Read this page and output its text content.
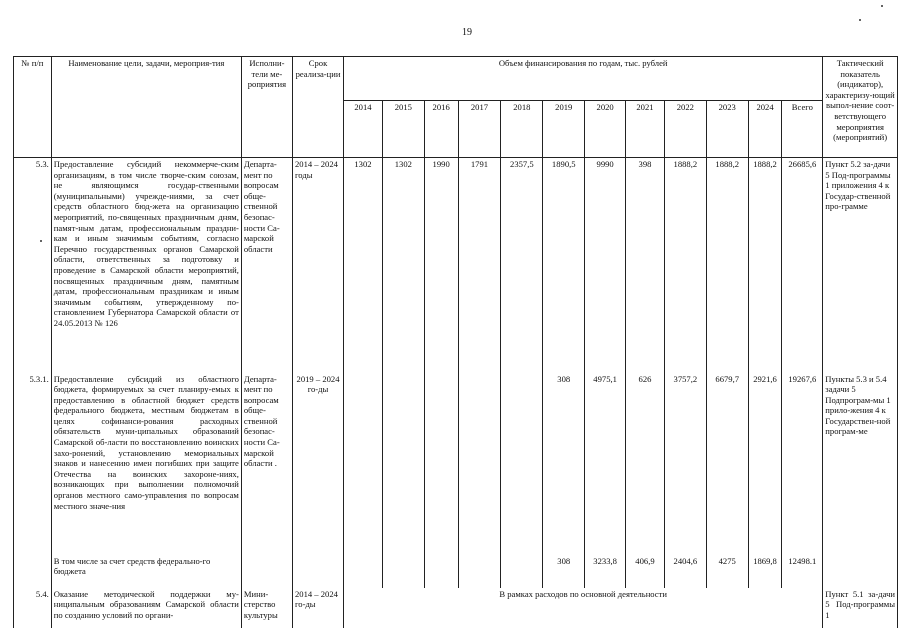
19
№ п/п	Наименование цели, задачи, мероприя-тия	Исполни-тели ме-роприятия	Срок реализа-ции	Объем финансирования по годам, тыс. рублей												Тактический показатель (индикатор), характеризу-ющий выпол-нение соот-ветствующего мероприятия (мероприятий)
				2014	2015	2016	2017	2018	2019	2020	2021	2022	2023	2024	Всего	
5.3.	Предоставление субсидий некоммерче-ским организациям, в том числе творче-ским союзам, не являющимся государ-ственными (муниципальными) учрежде-ниями, за счет средств областного бюд-жета на организацию мероприятий, по-священных праздничным дням, памят-ным датам, профессиональным праздни-кам и иным значимым событиям, согласно Перечню государственных органов Самарской области, ответственных за подготовку и проведение в Самарской области мероприятий, посвященных праздничным дням, памятным датам, профессиональным праздникам и иным значимым событиям, утвержденному по-становлением Губернатора Самарской области от 24.05.2013 № 126	Департа-мент по вопросам обще-ственной безопас-ности Са-марской области	2014 – 2024 годы	1302	1302	1990	1791	2357,5	1890,5	9990	398	1888,2	1888,2	1888,2	26685,6	Пункт 5.2 за-дачи 5 Под-программы 1 приложения 4 к Государ-ственной про-грамме
5.3.1.	Предоставление субсидий из областного бюджета, формируемых за счет планиру-емых к предоставлению в областной бюджет средств федерального бюджета, местным бюджетам в целях софинанси-рования расходных обязательств муни-ципальных образований Самарской об-ласти по восстановлению воинских захо-ронений, установлению мемориальных знаков и нанесению имен погибших при защите Отечества на воинских захороне-ниях, возникающих при выполнении полномочий органов местного само-управления по вопросам местного значе-ния	Департа-мент по вопросам обще-ственной безопас-ности Са-марской области .	2019 – 2024 го-ды						308	4975,1	626	3757,2	6679,7	2921,6	19267,6	Пункты 5.3 и 5.4 задачи 5 Подпрограм-мы 1 прило-жения 4 к Государствен-ной програм-ме
	В том числе за счет средств федерально-го бюджета								308	3233,8	406,9	2404,6	4275	1869,8	12498.1	
5.4.	Оказание методической поддержки му-ниципальным образованиям Самарской области по созданию условий по органи-	Мини-стерство культуры	2014 – 2024 го-ды	В рамках расходов по основной деятельности												Пункт 5.1 за-дачи 5 Под-программы 1
